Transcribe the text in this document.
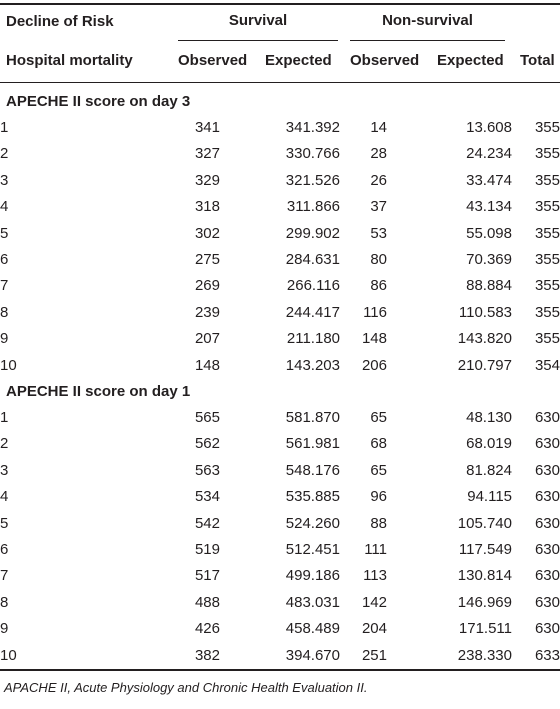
Decline of Risk
Hospital mortality
Survival	Non-survival
Observed Expected Observed Expected Total
APECHE II score on day 3
1	341	341.392	14	13.608	355
2	327	330.766	28	24.234	355
3	329	321.526	26	33.474	355
4	318	311.866	37	43.134	355
5	302	299.902	53	55.098	355
6	275	284.631	80	70.369	355
7	269	266.116	86	88.884	355
8	239	244.417	116	110.583	355
9	207	211.180	148	143.820	355
10	148	143.203	206	210.797	354
APECHE II score on day 1
1	565	581.870	65	48.130	630
2	562	561.981	68	68.019	630
3	563	548.176	65	81.824	630
4	534	535.885	96	94.115	630
5	542	524.260	88	105.740	630
6	519	512.451	111	117.549	630
7	517	499.186	113	130.814	630
8	488	483.031	142	146.969	630
9	426	458.489	204	171.511	630
10	382	394.670	251	238.330	633
APACHE II, Acute Physiology and Chronic Health Evaluation II.
